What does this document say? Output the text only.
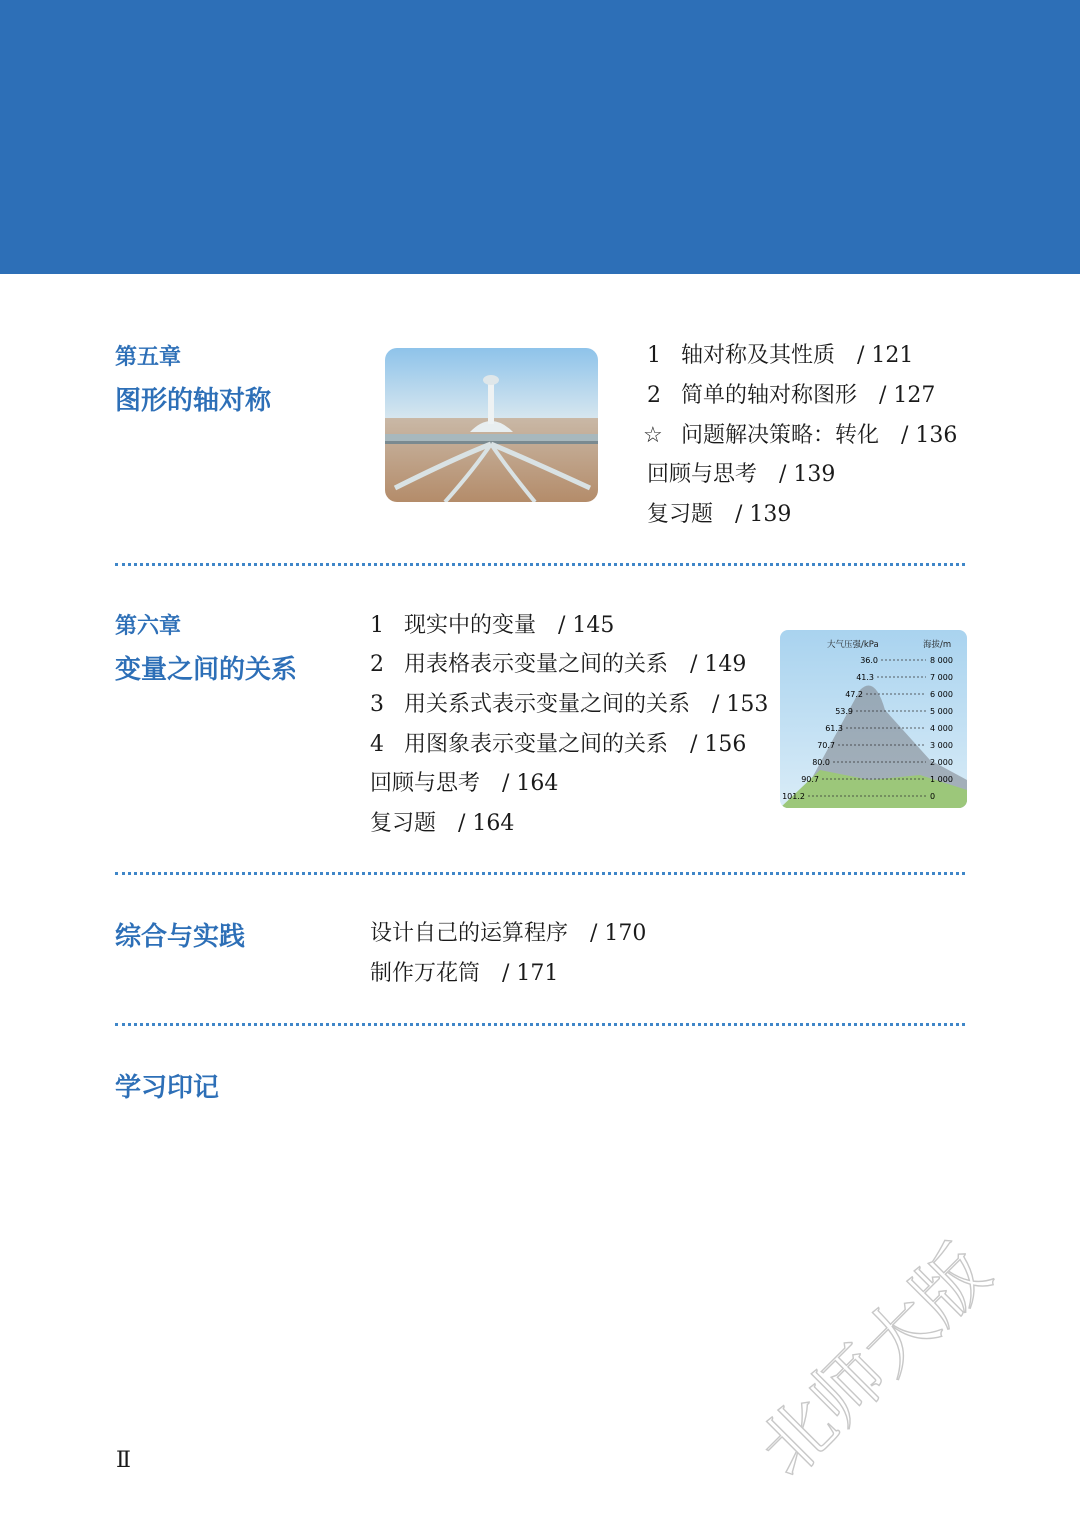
第五章
图形的轴对称
1 轴对称及其性质 / 121
2 简单的轴对称图形 / 127
☆ 问题解决策略：转化 / 136
回顾与思考 / 139
复习题 / 139
第六章
变量之间的关系
1 现实中的变量 / 145
2 用表格表示变量之间的关系 / 149
3 用关系式表示变量之间的关系 / 153
4 用图象表示变量之间的关系 / 156
回顾与思考 / 164
复习题 / 164
大气压强/kPa	海拔/m
36.0
41.3
47.2
53.9
61.3
70.7
80.0
90.7
101.2
8 000
7 000
6 000
5 000
4 000
3 000
2 000
1 000
0
综合与实践	设计自己的运算程序 / 170
制作万花筒 / 171
学习印记
Ⅱ	北师大版
